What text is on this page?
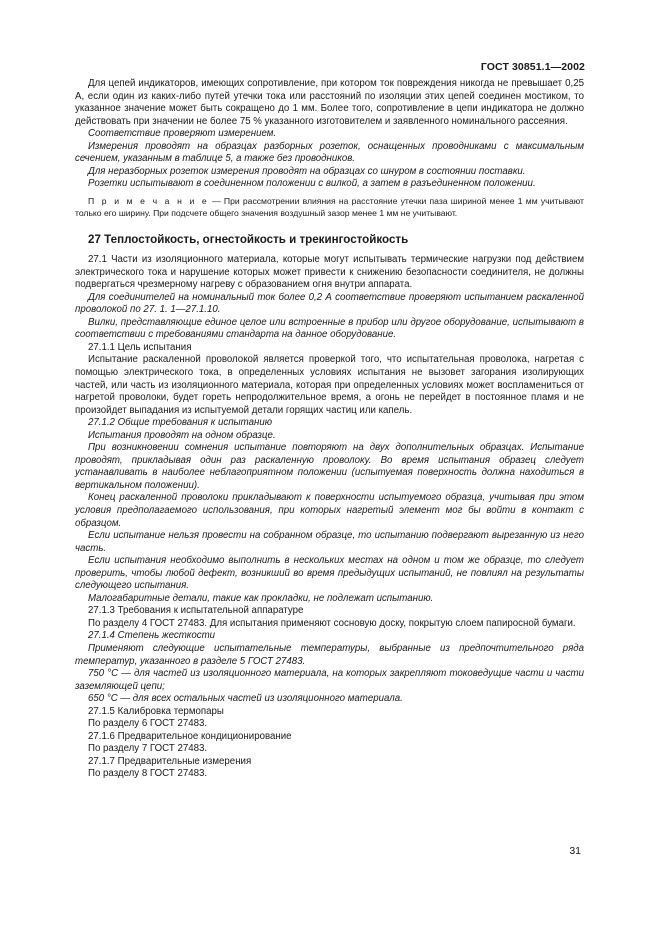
ГОСТ 30851.1—2002

Для цепей индикаторов, имеющих сопротивление, при котором ток повреждения никогда не превышает 0,25 А, если один из каких-либо путей утечки тока или расстояний по изоляции этих цепей соединен мостиком, то указанное значение может быть сокращено до 1 мм. Более того, сопротивление в цепи индикатора не должно действовать при значении не более 75 % указанного изготовителем и заявленного номинального рассеяния.

Соответствие проверяют измерением.

Измерения проводят на образцах разборных розеток, оснащенных проводниками с максимальным сечением, указанным в таблице 5, а также без проводников.

Для неразборных розеток измерения проводят на образцах со шнуром в состоянии поставки.

Розетки испытывают в соединенном положении с вилкой, а затем в разъединенном положении.

П р и м е ч а н и е — При рассмотрении влияния на расстояние утечки паза шириной менее 1 мм учитывают только его ширину. При подсчете общего значения воздушный зазор менее 1 мм не учитывают.

27 Теплостойкость, огнестойкость и трекингостойкость

27.1 Части из изоляционного материала, которые могут испытывать термические нагрузки под действием электрического тока и нарушение которых может привести к снижению безопасности соединителя, не должны подвергаться чрезмерному нагреву с образованием огня внутри аппарата.

Для соединителей на номинальный ток более 0,2 А соответствие проверяют испытанием раскаленной проволокой по 27. 1. 1—27.1.10.

Вилки, представляющие единое целое или встроенные в прибор или другое оборудование, испытывают в соответствии с требованиями стандарта на данное оборудование.

27.1.1 Цель испытания

Испытание раскаленной проволокой является проверкой того, что испытательная проволока, нагретая с помощью электрического тока, в определенных условиях испытания не вызовет загорания изолирующих частей, или часть из изоляционного материала, которая при определенных условиях может воспламениться от нагретой проволоки, будет гореть непродолжительное время, а огонь не перейдет в постоянное пламя и не произойдет выпадания из испытуемой детали горящих частиц или капель.

27.1.2 Общие требования к испытанию

Испытания проводят на одном образце.

При возникновении сомнения испытание повторяют на двух дополнительных образцах. Испытание проводят, прикладывая один раз раскаленную проволоку. Во время испытания образец следует устанавливать в наиболее неблагоприятном положении (испытуемая поверхность должна находиться в вертикальном положении).

Конец раскаленной проволоки прикладывают к поверхности испытуемого образца, учитывая при этом условия предполагаемого использования, при которых нагретый элемент мог бы войти в контакт с образцом.

Если испытание нельзя провести на собранном образце, то испытанию подвергают вырезанную из него часть.

Если испытания необходимо выполнить в нескольких местах на одном и том же образце, то следует проверить, чтобы любой дефект, возникший во время предыдущих испытаний, не повлиял на результаты следующего испытания.

Малогабаритные детали, такие как прокладки, не подлежат испытанию.

27.1.3 Требования к испытательной аппаратуре

По разделу 4 ГОСТ 27483. Для испытания применяют сосновую доску, покрытую слоем папиросной бумаги.

27.1.4 Степень жесткости

Применяют следующие испытательные температуры, выбранные из предпочтительного ряда температур, указанного в разделе 5 ГОСТ 27483.

750 °С — для частей из изоляционного материала, на которых закрепляют токоведущие части и части заземляющей цепи;

650 °С — для всех остальных частей из изоляционного материала.

27.1.5 Калибровка термопары

По разделу 6 ГОСТ 27483.

27.1.6 Предварительное кондиционирование

По разделу 7 ГОСТ 27483.

27.1.7 Предварительные измерения

По разделу 8 ГОСТ 27483.

31
